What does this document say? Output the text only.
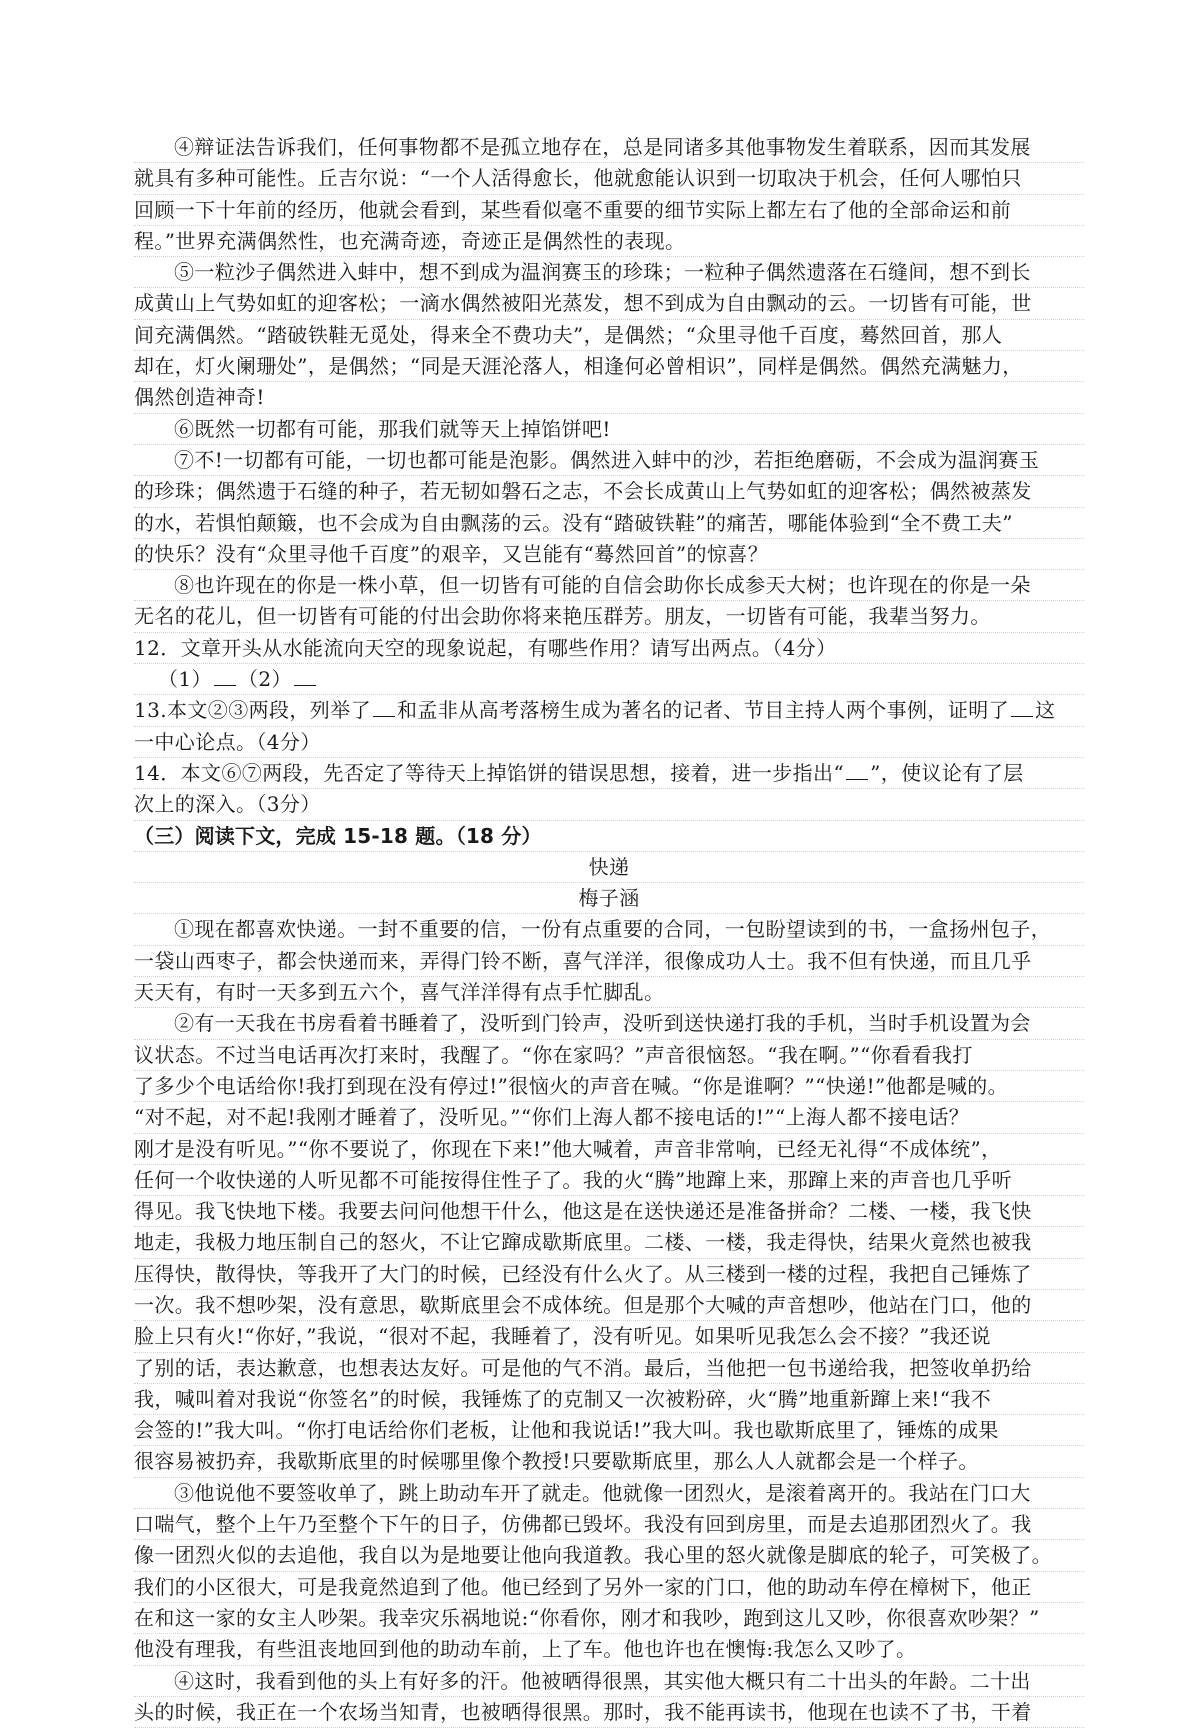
④辩证法告诉我们，任何事物都不是孤立地存在，总是同诸多其他事物发生着联系，因而其发展
就具有多种可能性。丘吉尔说：“一个人活得愈长，他就愈能认识到一切取决于机会，任何人哪怕只
回顾一下十年前的经历，他就会看到，某些看似毫不重要的细节实际上都左右了他的全部命运和前
程。”世界充满偶然性，也充满奇迹，奇迹正是偶然性的表现。
⑤一粒沙子偶然进入蚌中，想不到成为温润赛玉的珍珠；一粒种子偶然遗落在石缝间，想不到长
成黄山上气势如虹的迎客松；一滴水偶然被阳光蒸发，想不到成为自由飘动的云。一切皆有可能，世
间充满偶然。“踏破铁鞋无觅处，得来全不费功夫”，是偶然；“众里寻他千百度，蓦然回首，那人
却在，灯火阑珊处”，是偶然；“同是天涯沦落人，相逢何必曾相识”，同样是偶然。偶然充满魅力，
偶然创造神奇!
⑥既然一切都有可能，那我们就等天上掉馅饼吧!
⑦不!一切都有可能，一切也都可能是泡影。偶然进入蚌中的沙，若拒绝磨砺，不会成为温润赛玉
的珍珠；偶然遗于石缝的种子，若无韧如磐石之志，不会长成黄山上气势如虹的迎客松；偶然被蒸发
的水，若惧怕颠簸，也不会成为自由飘荡的云。没有“踏破铁鞋”的痛苦，哪能体验到“全不费工夫”
的快乐？没有“众里寻他千百度”的艰辛，又岂能有“蓦然回首”的惊喜？
⑧也许现在的你是一株小草，但一切皆有可能的自信会助你长成参天大树；也许现在的你是一朵
无名的花儿，但一切皆有可能的付出会助你将来艳压群芳。朋友，一切皆有可能，我辈当努力。
12．文章开头从水能流向天空的现象说起，有哪些作用？请写出两点。（4分）
（1） （2）
13.本文②③两段，列举了 和孟非从高考落榜生成为著名的记者、节目主持人两个事例，证明了 这
一中心论点。（4分）
14．本文⑥⑦两段，先否定了等待天上掉馅饼的错误思想，接着，进一步指出“ ”，使议论有了层
次上的深入。（3分）
（三）阅读下文，完成 15-18 题。（18 分）
快递
梅子涵
①现在都喜欢快递。一封不重要的信，一份有点重要的合同，一包盼望读到的书，一盒扬州包子，
一袋山西枣子，都会快递而来，弄得门铃不断，喜气洋洋，很像成功人士。我不但有快递，而且几乎
天天有，有时一天多到五六个，喜气洋洋得有点手忙脚乱。
②有一天我在书房看着书睡着了，没听到门铃声，没听到送快递打我的手机，当时手机设置为会
议状态。不过当电话再次打来时，我醒了。“你在家吗？”声音很恼怒。“我在啊。”“你看看我打
了多少个电话给你!我打到现在没有停过!”很恼火的声音在喊。“你是谁啊？”“快递!”他都是喊的。
“对不起，对不起!我刚才睡着了，没听见。”“你们上海人都不接电话的!”“上海人都不接电话？
刚才是没有听见。”“你不要说了，你现在下来!”他大喊着，声音非常响，已经无礼得“不成体统”，
任何一个收快递的人听见都不可能按得住性子了。我的火“腾”地蹿上来，那蹿上来的声音也几乎听
得见。我飞快地下楼。我要去问问他想干什么，他这是在送快递还是准备拼命？二楼、一楼，我飞快
地走，我极力地压制自己的怒火，不让它蹿成歇斯底里。二楼、一楼，我走得快，结果火竟然也被我
压得快，散得快，等我开了大门的时候，已经没有什么火了。从三楼到一楼的过程，我把自己锤炼了
一次。我不想吵架，没有意思，歇斯底里会不成体统。但是那个大喊的声音想吵，他站在门口，他的
脸上只有火!“你好，”我说，“很对不起，我睡着了，没有听见。如果听见我怎么会不接？”我还说
了别的话，表达歉意，也想表达友好。可是他的气不消。最后，当他把一包书递给我，把签收单扔给
我，喊叫着对我说“你签名”的时候，我锤炼了的克制又一次被粉碎，火“腾”地重新蹿上来!“我不
会签的!”我大叫。“你打电话给你们老板，让他和我说话!”我大叫。我也歇斯底里了，锤炼的成果
很容易被扔弃，我歇斯底里的时候哪里像个教授!只要歇斯底里，那么人人就都会是一个样子。
③他说他不要签收单了，跳上助动车开了就走。他就像一团烈火，是滚着离开的。我站在门口大
口喘气，整个上午乃至整个下午的日子，仿佛都已毁坏。我没有回到房里，而是去追那团烈火了。我
像一团烈火似的去追他，我自以为是地要让他向我道教。我心里的怒火就像是脚底的轮子，可笑极了。
我们的小区很大，可是我竟然追到了他。他已经到了另外一家的门口，他的助动车停在樟树下，他正
在和这一家的女主人吵架。我幸灾乐祸地说:“你看你，刚才和我吵，跑到这儿又吵，你很喜欢吵架？”
他没有理我，有些沮丧地回到他的助动车前，上了车。他也许也在懊悔:我怎么又吵了。
④这时，我看到他的头上有好多的汗。他被晒得很黑，其实他大概只有二十出头的年龄。二十出
头的时候，我正在一个农场当知青，也被晒得很黑。那时，我不能再读书，他现在也读不了书，干着
